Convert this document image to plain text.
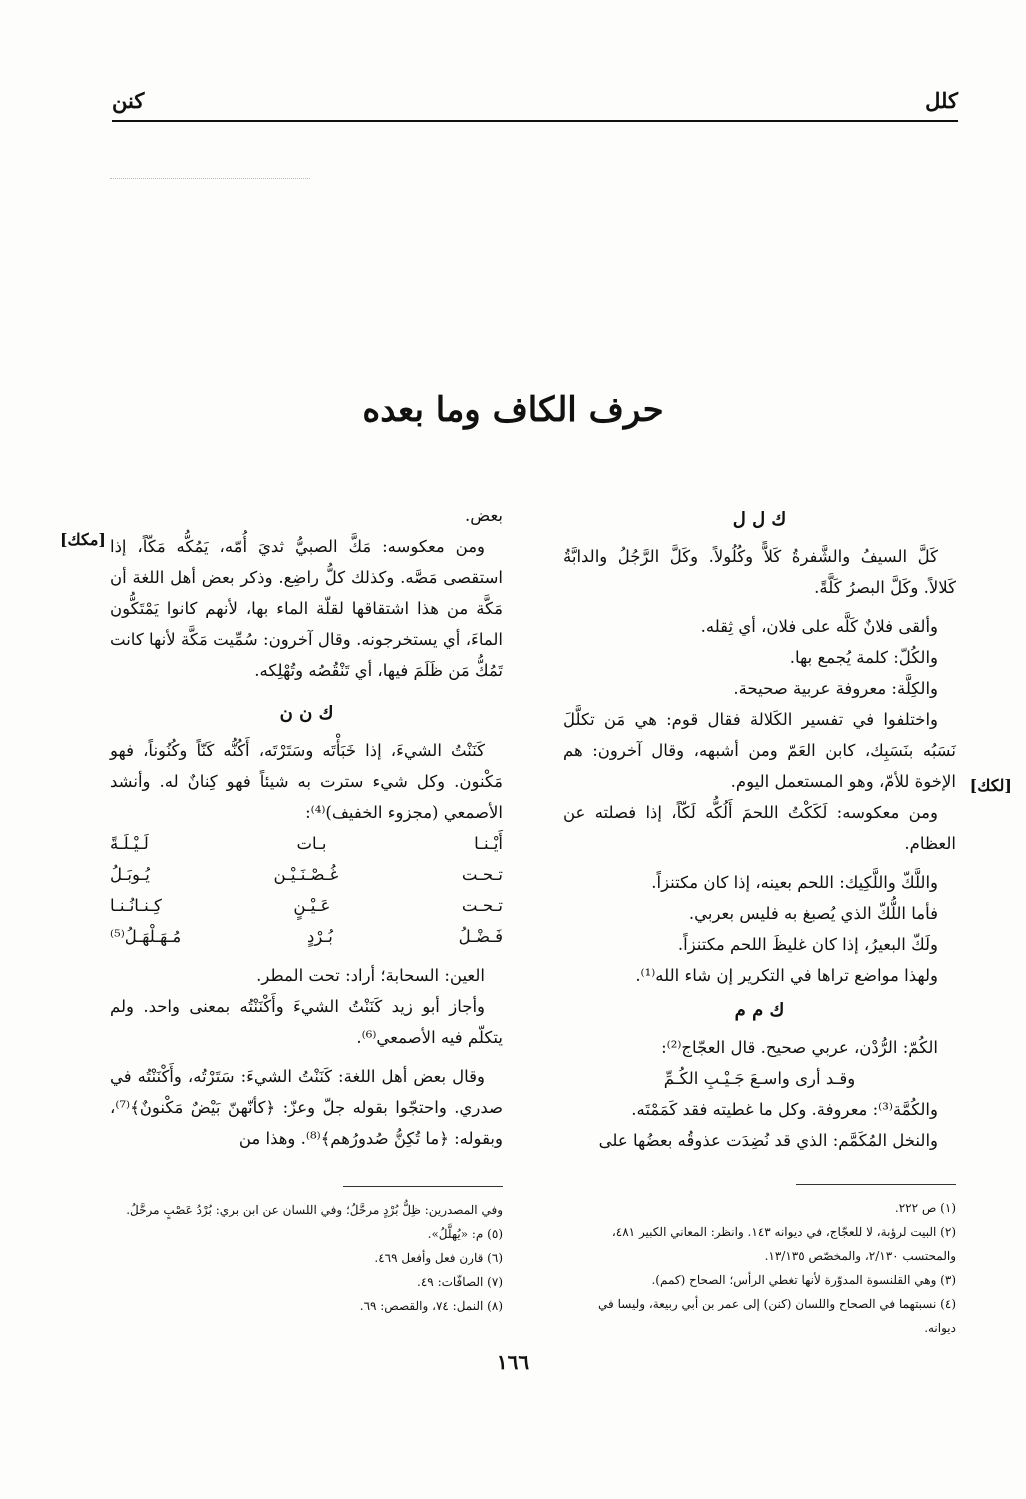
كلل
كنن
حرف الكاف وما بعده

ك ل ل

كَلَّ السيفُ والشَّفرةُ كَلاًّ وكُلُولاً. وكَلَّ الرَّجُلُ والدابَّةُ كَلالاً. وكَلَّ البصرُ كَلَّةً.

وألقى فلانٌ كَلَّه على فلان، أي ثِقله.

والكُلّ: كلمة يُجمع بها.

والكِلَّة: معروفة عربية صحيحة.

واختلفوا في تفسير الكَلالة فقال قوم: هي مَن تكلَّلَ نَسَبُه بنَسَبِك، كابن العَمّ ومن أشبهه، وقال آخرون: هم الإخوة للأمّ، وهو المستعمل اليوم.

ومن معكوسه: لَكَكْتُ اللحمَ أَلُكُّه لَكّاً، إذا فصلته عن العظام.

واللَّكّ واللَّكِيك: اللحم بعينه، إذا كان مكتنزاً.

فأما اللُّكّ الذي يُصبغ به فليس بعربي.

ولَكّ البعيرُ، إذا كان غليظَ اللحم مكتنزاً.

ولهذا مواضع تراها في التكرير إن شاء الله⁽¹⁾.

ك م م

الكُمّ: الرُّدْن، عربي صحيح. قال العجّاج⁽²⁾:

وقـد أرى واسـعَ جَـيْـبِ الكُـمِّ

والكُمَّة⁽³⁾: معروفة. وكل ما غطيته فقد كَمَمْتَه.

والنخل المُكَمَّم: الذي قد نُضِدَت عذوقُه بعضُها على

[لكك]

بعض.

ومن معكوسه: مَكَّ الصبيُّ ثديَ أُمّه، يَمُكُّه مَكّاً، إذا استقصى مَصَّه. وكذلك كلُّ راضِع. وذكر بعض أهل اللغة أن مَكَّة من هذا اشتقاقها لقلّة الماء بها، لأنهم كانوا يَمْتَكُّون الماءَ، أي يستخرجونه. وقال آخرون: سُمِّيت مَكَّة لأنها كانت تَمُكُّ مَن ظَلَمَ فيها، أي تَنْقُصُه وتُهْلِكه.

ك ن ن

كَنَنْتُ الشيءَ، إذا خَبَأْتَه وسَتَرْتَه، أَكُنُّه كَنّاً وكُنُوناً، فهو مَكْنون. وكل شيء سترت به شيئاً فهو كِنانٌ له. وأنشد الأصمعي (مجزوء الخفيف)⁽⁴⁾:

أَيْـنـا
بـات
لَـيْـلَـةً

تـحـت
غُـصْـنَـيْـن
يُـوبَـلُ

تـحـت
عَـيْـنٍ
كِـنـانُـنـا

فَـضْـلُ
بُـرْدٍ
مُـهَـلْهَـلُ⁽⁵⁾

العين: السحابة؛ أراد: تحت المطر.

وأجاز أبو زيد كَنَنْتُ الشيءَ وأَكْنَنْتُه بمعنى واحد. ولم يتكلّم فيه الأصمعي⁽⁶⁾.

وقال بعض أهل اللغة: كَنَنْتُ الشيءَ: سَتَرْتُه، وأَكْنَنْتُه في صدري. واحتجّوا بقوله جلّ وعزّ: ﴿كأنّهنّ بَيْضٌ مَكْنونٌ﴾⁽⁷⁾، وبقوله: ﴿ما تُكِنُّ صُدورُهم﴾⁽⁸⁾. وهذا من

[مكك]

(١) ص ٢٢٢.

(٢) البيت لرؤبة، لا للعجّاج، في ديوانه ١٤٣. وانظر: المعاني الكبير ٤٨١، والمحتسب ٢/١٣٠، والمخصّص ١٣/١٣٥.

(٣) وهي القلنسوة المدوّرة لأنها تغطي الرأس؛ الصحاح (كمم).

(٤) نسبتهما في الصحاح واللسان (كنن) إلى عمر بن أبي ربيعة، وليسا في ديوانه.

وفي المصدرين: ظِلُّ بُرْدٍ مرحَّلُ؛ وفي اللسان عن ابن بري: بُرْدُ عَصْبٍ مرحَّلُ.

(٥) م: «يُهلَّلُ».

(٦) قارن فعل وأفعل ٤٦٩.

(٧) الصافّات: ٤٩.

(٨) النمل: ٧٤، والقصص: ٦٩.

١٦٦
